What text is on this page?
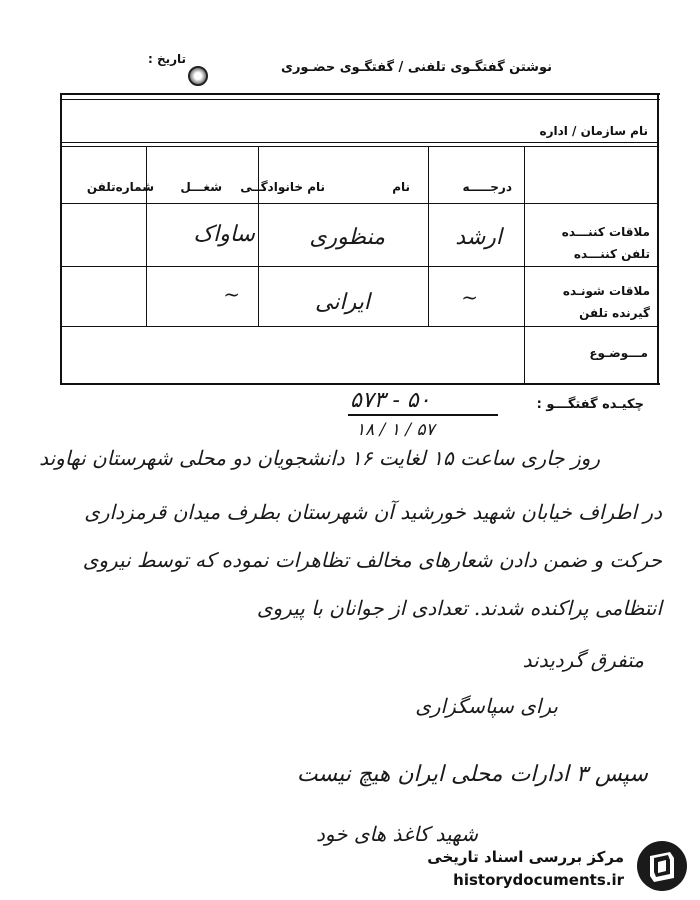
نوشتن گفتگـوی تلفنی / گفتگـوی حضـوری
تاریخ :
نام سازمان / اداره
درجـــــه
نام
نام خانوادگــی
شغـــل
شماره‌تلفن
ملاقات کننـــده
تلفن کننـــده
ملاقات شونـده
گیرنده تلفن
مـــوضـوع
ارشد
منظوری
ساواک
~
ایرانی
~
چکیـده گفتگـــو :
۵۷۳ - ۵۰
۱۸ / ۱ / ۵۷
روز جاری ساعت ۱۵ لغایت ۱۶ دانشجویان دو محلی شهرستان نهاوند
در اطراف خیابان شهید خورشید آن شهرستان بطرف میدان قرمزداری
حرکت و ضمن دادن شعارهای مخالف تظاهرات نموده که توسط نیروی
انتظامی پراکنده شدند. تعدادی از جوانان با پیروی
متفرق گردیدند
برای سپاسگزاری
سپس ۳ ادارات محلی ایران هیچ نیست
شهید کاغذ های خود
مرکز بررسی اسناد تاریخی
historydocuments.ir
